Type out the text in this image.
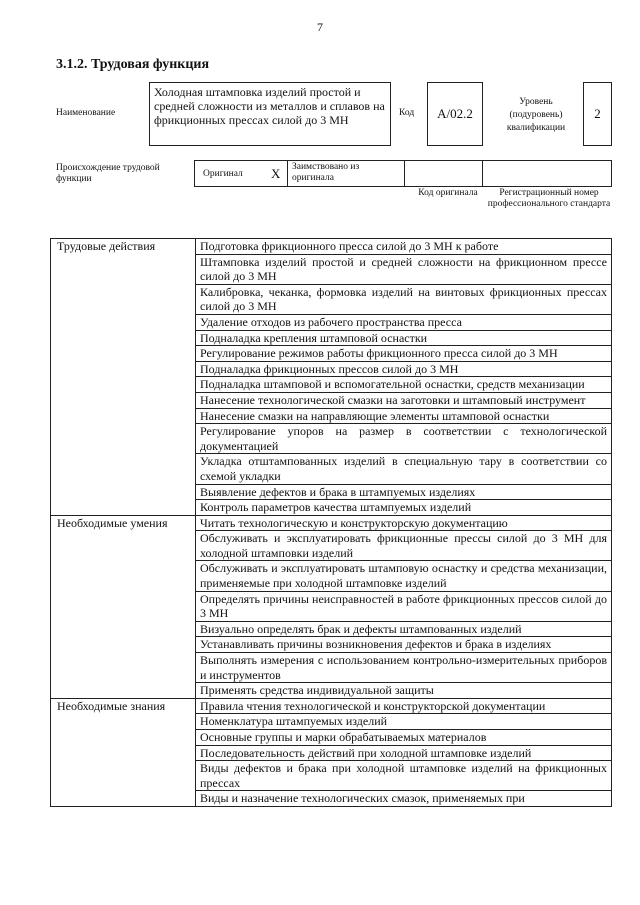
7
3.1.2. Трудовая функция
Наименование
Холодная штамповка изделий простой и средней сложности из металлов и сплавов на фрикционных прессах силой до 3 МН	Код	А/02.2
Уровень (подуровень) квалификации
2
Происхождение трудовой функции	Оригинал X	Заимствовано из оригинала
Код оригинала	Регистрационный номер профессионального стандарта
Трудовые действия	Подготовка фрикционного пресса силой до 3 МН к работе
	Штамповка изделий простой и средней сложности на фрикционном прессе силой до 3 МН
	Калибровка, чеканка, формовка изделий на винтовых фрикционных прессах силой до 3 МН
	Удаление отходов из рабочего пространства пресса
	Подналадка крепления штамповой оснастки
	Регулирование режимов работы фрикционного пресса силой до 3 МН
	Подналадка фрикционных прессов силой до 3 МН
	Подналадка штамповой и вспомогательной оснастки, средств механизации
	Нанесение технологической смазки на заготовки и штамповый инструмент
	Нанесение смазки на направляющие элементы штамповой оснастки
	Регулирование упоров на размер в соответствии с технологической документацией
	Укладка отштампованных изделий в специальную тару в соответствии со схемой укладки
	Выявление дефектов и брака в штампуемых изделиях
	Контроль параметров качества штампуемых изделий
Необходимые умения	Читать технологическую и конструкторскую документацию
	Обслуживать и эксплуатировать фрикционные прессы силой до 3 МН для холодной штамповки изделий
	Обслуживать и эксплуатировать штамповую оснастку и средства механизации, применяемые при холодной штамповке изделий
	Определять причины неисправностей в работе фрикционных прессов силой до 3 МН
	Визуально определять брак и дефекты штампованных изделий
	Устанавливать причины возникновения дефектов и брака в изделиях
	Выполнять измерения с использованием контрольно-измерительных приборов и инструментов
	Применять средства индивидуальной защиты
Необходимые знания	Правила чтения технологической и конструкторской документации
	Номенклатура штампуемых изделий
	Основные группы и марки обрабатываемых материалов
	Последовательность действий при холодной штамповке изделий
	Виды дефектов и брака при холодной штамповке изделий на фрикционных прессах
	Виды и назначение технологических смазок, применяемых при
